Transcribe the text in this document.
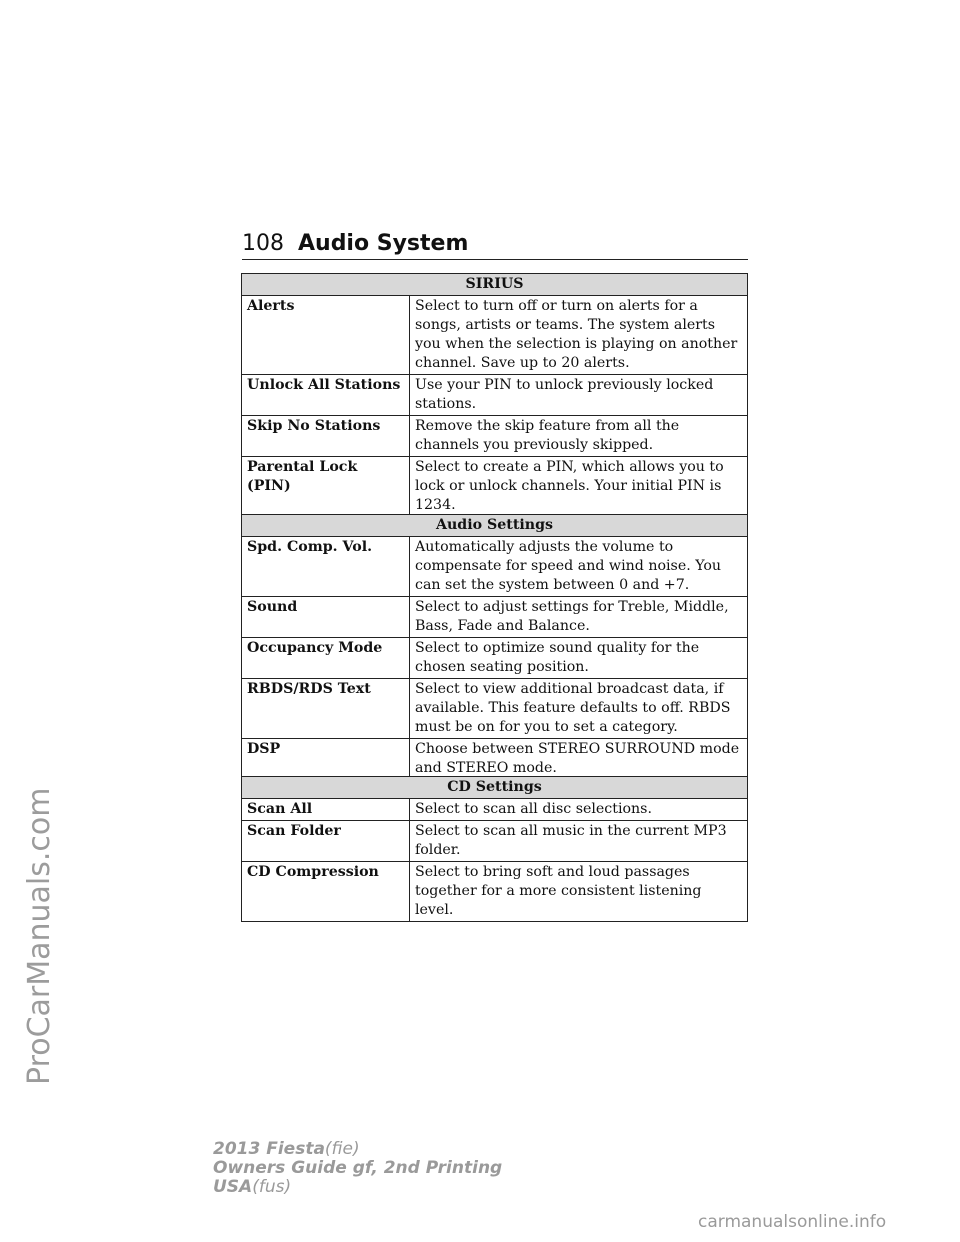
ProCarManuals.com
108 Audio System
SIRIUS	
Alerts	Select to turn off or turn on alerts for a songs, artists or teams. The system alerts you when the selection is playing on another channel. Save up to 20 alerts.
Unlock All Stations	Use your PIN to unlock previously locked stations.
Skip No Stations	Remove the skip feature from all the channels you previously skipped.
Parental Lock (PIN)	Select to create a PIN, which allows you to lock or unlock channels. Your initial PIN is 1234.
Audio Settings	
Spd. Comp. Vol.	Automatically adjusts the volume to compensate for speed and wind noise. You can set the system between 0 and +7.
Sound	Select to adjust settings for Treble, Middle, Bass, Fade and Balance.
Occupancy Mode	Select to optimize sound quality for the chosen seating position.
RBDS/RDS Text	Select to view additional broadcast data, if available. This feature defaults to off. RBDS must be on for you to set a category.
DSP	Choose between STEREO SURROUND mode and STEREO mode.
CD Settings	
Scan All	Select to scan all disc selections.
Scan Folder	Select to scan all music in the current MP3 folder.
CD Compression	Select to bring soft and loud passages together for a more consistent listening level.
2013 Fiesta(fie)
Owners Guide gf, 2nd Printing
USA(fus)
carmanualsonline.info
